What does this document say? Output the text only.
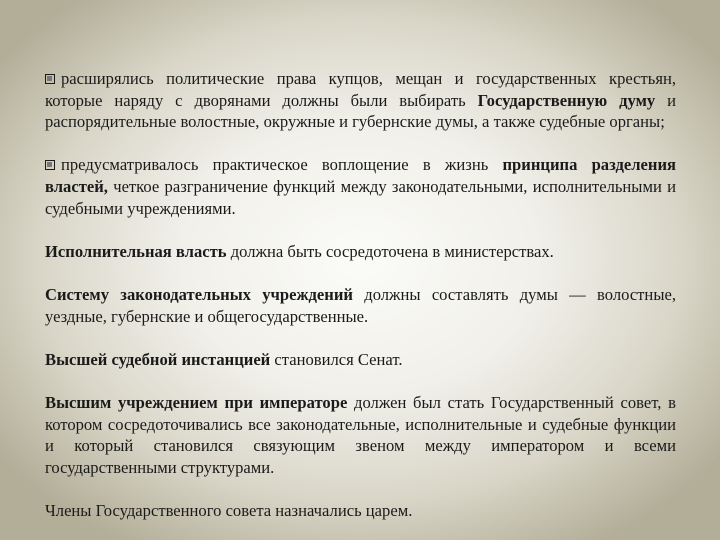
расширялись политические права купцов, мещан и государственных крестьян, которые наряду с дворянами должны были выбирать Государственную думу и распорядительные волостные, окружные и губернские думы, а также судебные органы;

предусматривалось практическое воплощение в жизнь принципа разделения властей, четкое разграничение функций между законодательными, исполнительными и судебными учреждениями.

Исполнительная власть должна быть сосредоточена в министерствах.

Систему законодательных учреждений должны составлять думы — волостные, уездные, губернские и общегосударственные.

Высшей судебной инстанцией становился Сенат.

Высшим учреждением при императоре должен был стать Государственный совет, в котором сосредоточивались все законодательные, исполнительные и судебные функции и который становился связующим звеном между императором и всеми государственными структурами.

Члены Государственного совета назначались царем.
